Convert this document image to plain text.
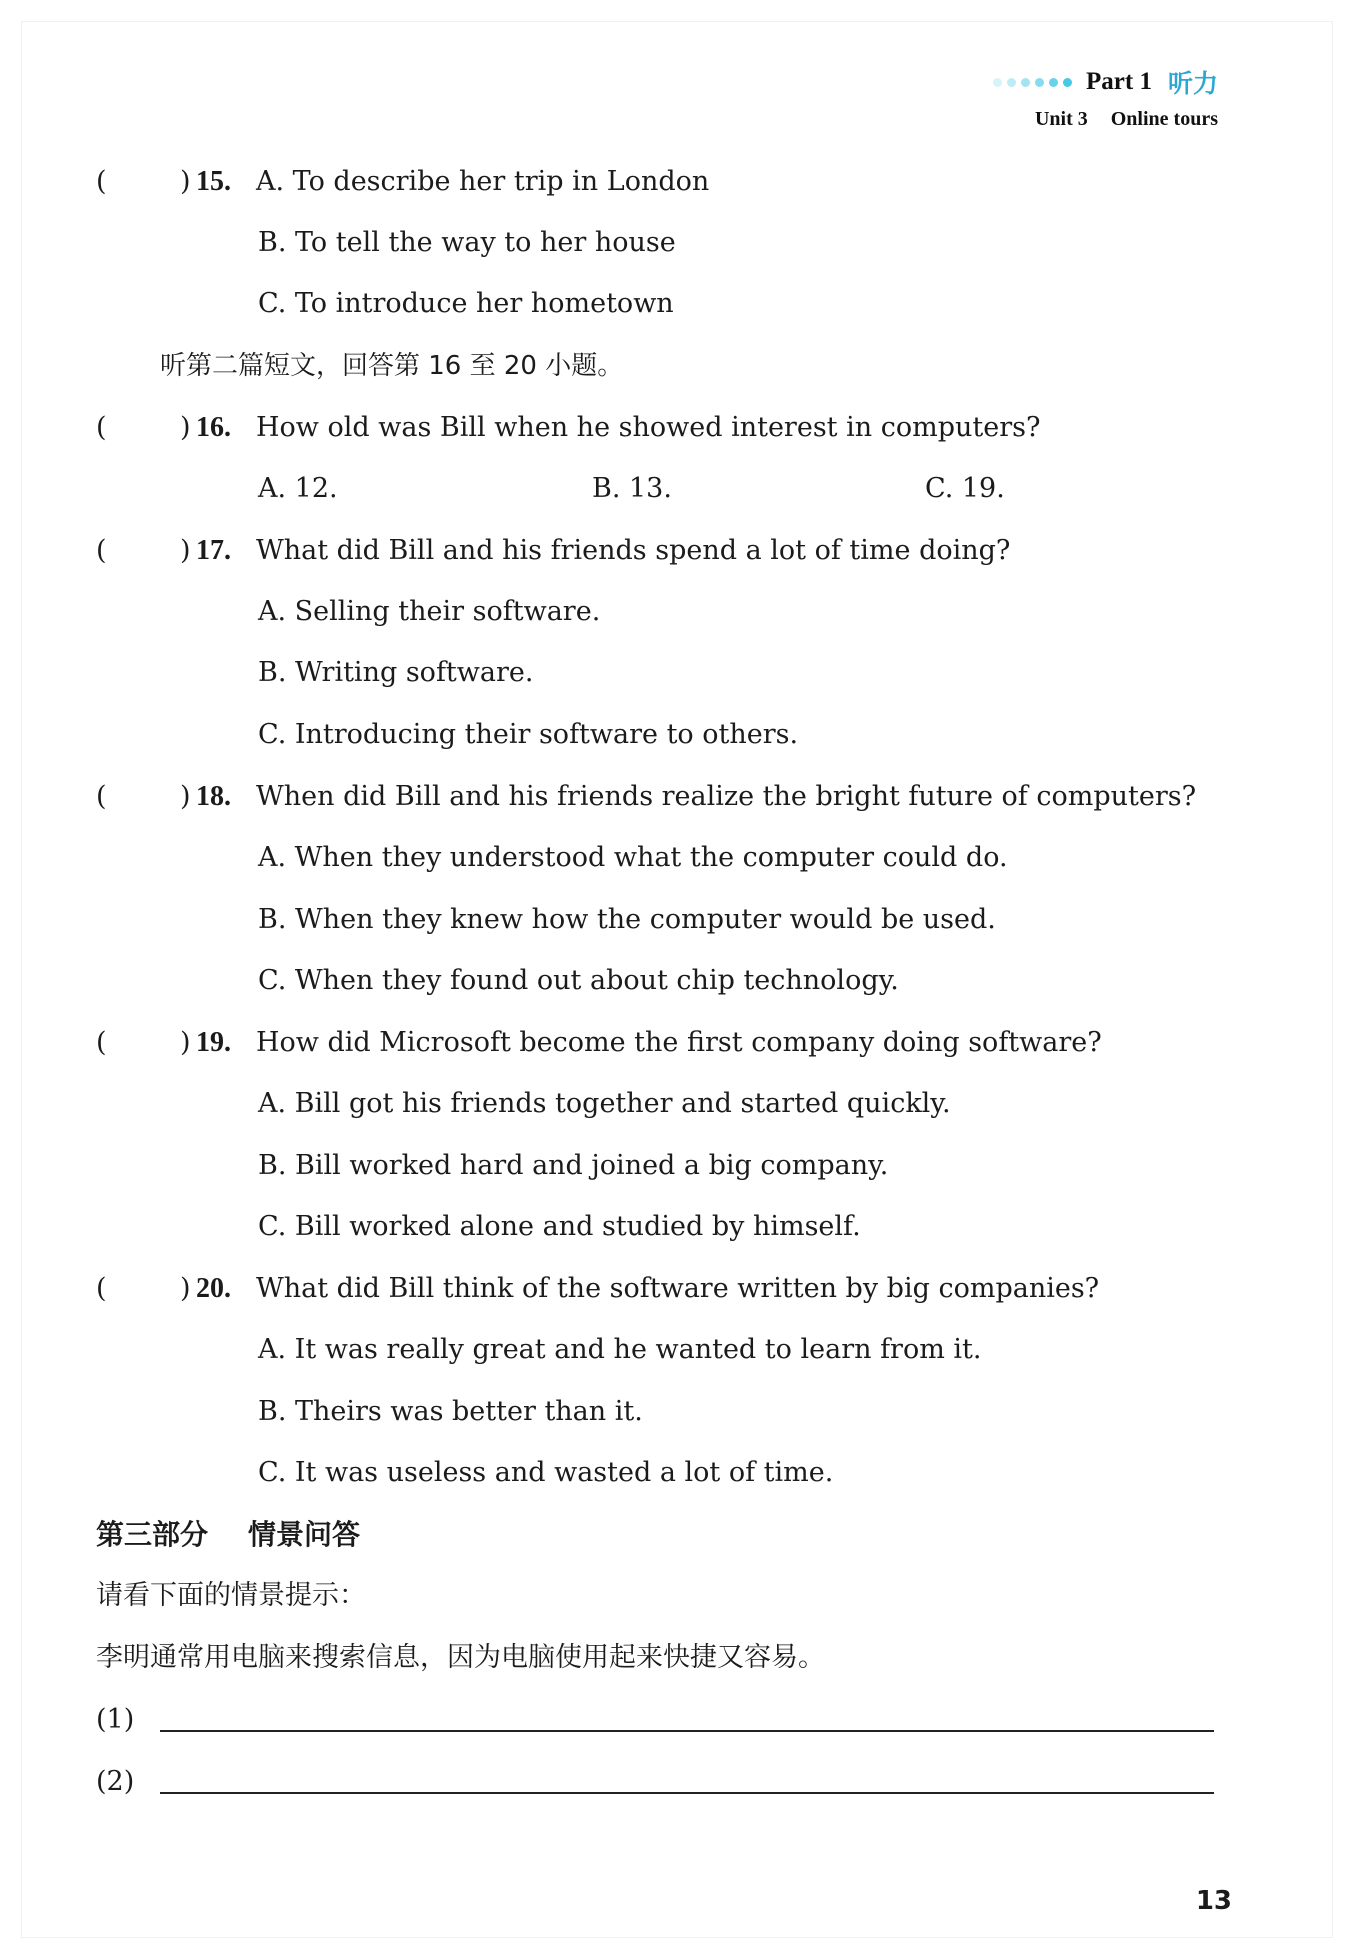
Part 1 听力
Unit 3 Online tours
(	) 15. A. To describe her trip in London
B. To tell the way to her house
C. To introduce her hometown
听第二篇短文，回答第 16 至 20 小题。
(	) 16. How old was Bill when he showed interest in computers?
A. 12.	B. 13.	C. 19.
(	) 17. What did Bill and his friends spend a lot of time doing?
A. Selling their software.
B. Writing software.
C. Introducing their software to others.
(	) 18. When did Bill and his friends realize the bright future of computers?
A. When they understood what the computer could do.
B. When they knew how the computer would be used.
C. When they found out about chip technology.
(	) 19. How did Microsoft become the first company doing software?
A. Bill got his friends together and started quickly.
B. Bill worked hard and joined a big company.
C. Bill worked alone and studied by himself.
(	) 20. What did Bill think of the software written by big companies?
A. It was really great and he wanted to learn from it.
B. Theirs was better than it.
C. It was useless and wasted a lot of time.
第三部分 情景问答
请看下面的情景提示：
李明通常用电脑来搜索信息，因为电脑使用起来快捷又容易。
(1)
(2)
13
